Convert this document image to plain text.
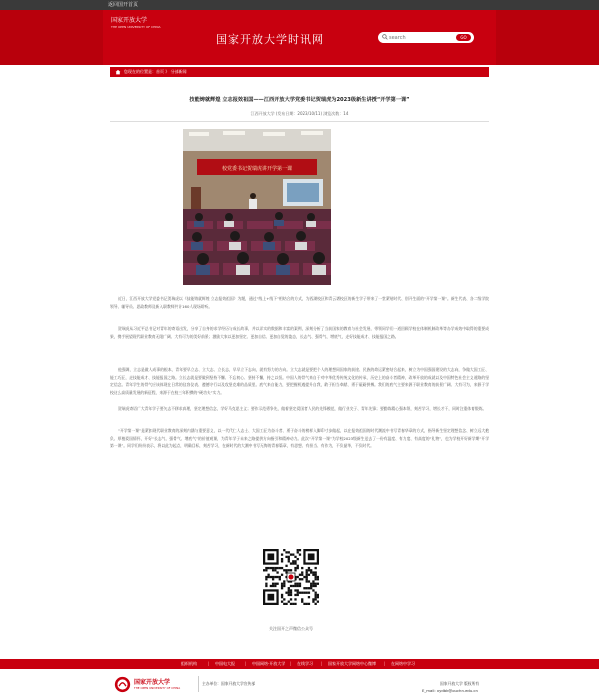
返回国开首页
国家开放大学
THE OPEN UNIVERSITY OF CHINA
国家开放大学时讯网
search	GO
您现在的位置是：首页 》 分部新闻
技能铸就辉煌 立志报效祖国——江西开放大学党委书记贺瑞虎为2023级新生讲授“开学第一课”
江西开放大学 (发布日期：2023/10/11) 浏览次数：14
校党委书记贺瑞虎讲开学第一课

近日，江西开放大学党委书记贺瑞虎以《技能铸就辉煌 立志报效祖国》为题，通过“线上+线下”相结合的方式，为西湖校区和青云谱校区的新生学子带来了一堂紧贴时代、别开生面的“开学第一课”。新生代表、各二级学院领导、辅导员、思政教师及新入职教师共计160人现场聆听。

贺瑞虎从习近平总书记对青年的寄语出发，分享了自身的求学经历与成长故事，并以详实的数据和丰富的案例，深刻分析了当前国家的教育与社会发展、带领同学们一道回顾学校在体制机制改革等办学成效中取得的重要成果，携手展望现代职业教育无限广阔、大有可为的美好前景；激励大家以更加坚定、更加自信、更加自觉的姿态，长志气、强骨气、增底气，走好技能成才、技能报国之路。

他强调，立志是做人成事的根本，青年要早立志、立大志、立长志，早早立下志向，就有努力的方向。立大志就是要把个人的理想同国家的前途、民族的命运紧密结合起来，树立为中国强国建设的大志向，争做大国工匠、能工巧匠，走技能成才、技能报国之路。立长志就是要做到坚持不懈、不忘初心、坚持不懈，持之以恒。中国人的骨气来自于对中华优秀传统文化的传承，历史上的奋斗者精神，改革开放的成就以及中国特色社会主义道路的坚定信念。青年学生的骨气应该体现在日常的仪容仪表、遵德守行以及攻坚克难的品质里。底气来自能力，要把握机遇提升自我，敢于担当奉献、勇于砥砺拼搏。我们的底气主要来源于职业教育的前景广阔、大有可为，来源于学校这么高质量发展的新征程，来源于在校三年积攒的“硬功夫”实力。

贺瑞虎寄语广大青年学子要矢志不移求真理，坚定理想信念，学好马克思主义；要作示范勇争先，做着坚定爱国者人民的先锋模范，做行业尖子、青年先锋；要勤练精心强本领，刻苦学习，增长才干，同时注重体育锻炼。

“开学第一课”是紧扣现代职业教育的深刻内涵与重要意义，以一代代仁人志士、大国工匠为奋斗者、勇于奋斗的榜样入脚印寸步做起，以在报效祖国的时代潮流中书写青春华章的方式，指导新生坚定理想信念、树立远大抱负、厚植爱国情怀，开好“长志气、强骨气、增底气”的价值观课，为青年学子未来之路提供方向指引和精神动力。此次“开学第一课”为学校2023级新生送去了一份有温度、有力度、有高度的“礼物”，也为学校开好新学期“开学第一课”。同学们纷纷表示，将以此为起点，明确目标，刻苦学习，在新时代的大潮中书写无悔的青春篇章，有思想、有担当、有作为，不负韶华，不负时代。

关注国开之声微信公众号
组织机构	| 中国电大报	| 中国网络·开放大学 | 在线学习 | 国家开放大学网络中心微博 | 在网络中学习
国家开放大学
THE OPEN UNIVERSITY OF CHINA
主办单位：国家开放大学宣传部	国家开放大学 版权所有
E_mail: xydbk@ouchn.edu.cn
